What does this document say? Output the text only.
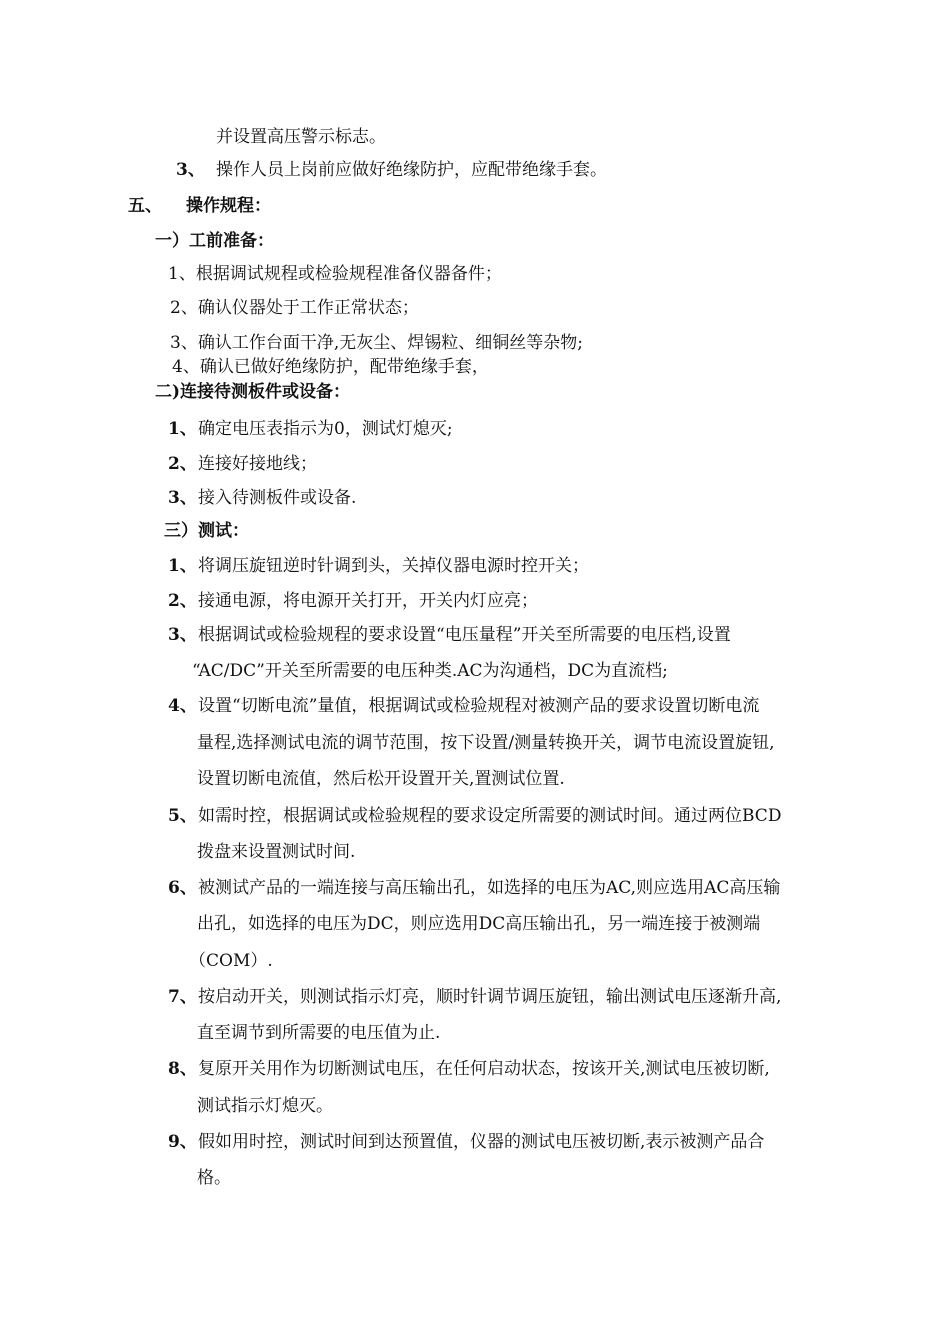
并设置高压警示标志。
3、 操作人员上岗前应做好绝缘防护，应配带绝缘手套。
五、 操作规程：
一）工前准备：
1、根据调试规程或检验规程准备仪器备件；
2、确认仪器处于工作正常状态；
3、确认工作台面干净,无灰尘、焊锡粒、细铜丝等杂物;
4、确认已做好绝缘防护，配带绝缘手套，
二)连接待测板件或设备：
1、确定电压表指示为0，测试灯熄灭;
2、连接好接地线；
3、接入待测板件或设备.
三）测试：
1、将调压旋钮逆时针调到头，关掉仪器电源时控开关；
2、接通电源，将电源开关打开，开关内灯应亮；
3、根据调试或检验规程的要求设置“电压量程”开关至所需要的电压档,设置
“AC/DC”开关至所需要的电压种类.AC为沟通档，DC为直流档;
4、设置“切断电流”量值，根据调试或检验规程对被测产品的要求设置切断电流
量程,选择测试电流的调节范围，按下设置/测量转换开关，调节电流设置旋钮,
设置切断电流值，然后松开设置开关,置测试位置.
5、如需时控，根据调试或检验规程的要求设定所需要的测试时间。通过两位BCD
拨盘来设置测试时间.
6、被测试产品的一端连接与高压输出孔，如选择的电压为AC,则应选用AC高压输
出孔，如选择的电压为DC，则应选用DC高压输出孔，另一端连接于被测端
（COM）.
7、按启动开关，则测试指示灯亮，顺时针调节调压旋钮，输出测试电压逐渐升高,
直至调节到所需要的电压值为止.
8、复原开关用作为切断测试电压，在任何启动状态，按该开关,测试电压被切断,
测试指示灯熄灭。
9、假如用时控，测试时间到达预置值，仪器的测试电压被切断,表示被测产品合
格。
